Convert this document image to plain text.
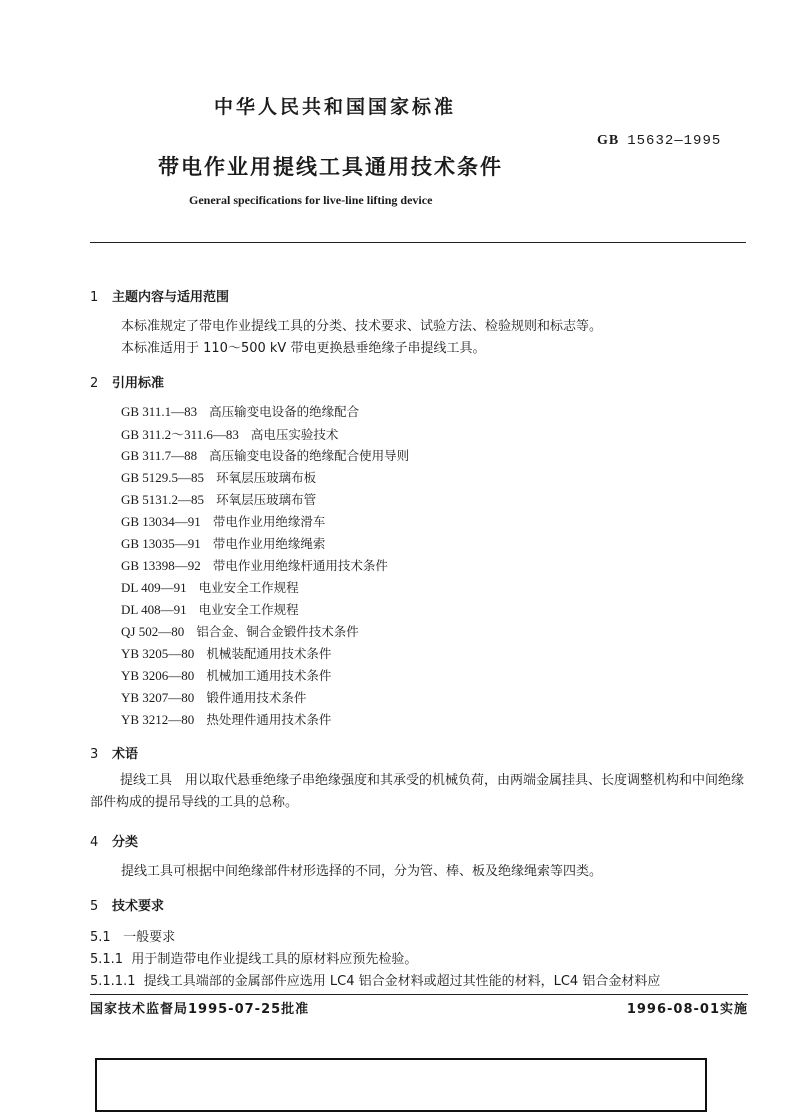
中华人民共和国国家标准
GB 15632—1995
带电作业用提线工具通用技术条件
General specifications for live-line lifting device
1 主题内容与适用范围
本标准规定了带电作业提线工具的分类、技术要求、试验方法、检验规则和标志等。
本标准适用于 110～500 kV 带电更换悬垂绝缘子串提线工具。
2 引用标准
GB 311.1—83 高压输变电设备的绝缘配合
GB 311.2～311.6—83 高电压实验技术
GB 311.7—88 高压输变电设备的绝缘配合使用导则
GB 5129.5—85 环氧层压玻璃布板
GB 5131.2—85 环氧层压玻璃布管
GB 13034—91 带电作业用绝缘滑车
GB 13035—91 带电作业用绝缘绳索
GB 13398—92 带电作业用绝缘杆通用技术条件
DL 409—91 电业安全工作规程
DL 408—91 电业安全工作规程
QJ 502—80 铝合金、铜合金锻件技术条件
YB 3205—80 机械装配通用技术条件
YB 3206—80 机械加工通用技术条件
YB 3207—80 锻件通用技术条件
YB 3212—80 热处理件通用技术条件
3 术语
提线工具　用以取代悬垂绝缘子串绝缘强度和其承受的机械负荷，由两端金属挂具、长度调整机构和中间绝缘部件构成的提吊导线的工具的总称。
4 分类
提线工具可根据中间绝缘部件材形选择的不同，分为管、棒、板及绝缘绳索等四类。
5 技术要求
5.1 一般要求
5.1.1 用于制造带电作业提线工具的原材料应预先检验。
5.1.1.1 提线工具端部的金属部件应选用 LC4 铝合金材料或超过其性能的材料，LC4 铝合金材料应
国家技术监督局1995-07-25批准	1996-08-01实施
